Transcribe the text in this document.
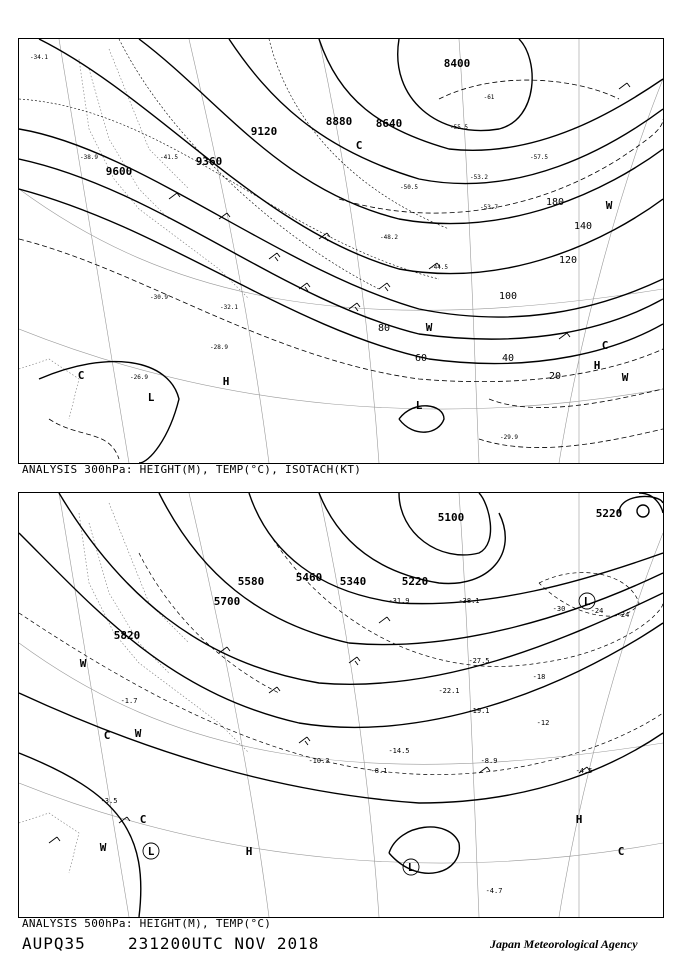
9600
9360
9120
8880 8640
8400
180
140
120
100
80
60	40
20
-61
-55.5
-53.2
-50.5
-48.2
-44.5
-41.5
-38.9
-34.1
-32.1
-30.9
-28.9
-26.9
-29.9
-57.5
-53.7
H
H
L
L
C
C
C
W
W
W
ANALYSIS 300hPa: HEIGHT(M), TEMP(°C), ISOTACH(KT)
5820
5700
5580	5460 5340	5220
5100	5220
-30	-24 -24
-18
-12
-31.9	-38.1
-27.5
-22.1
-19.1
-14.5
-10.3	-8.9
-8.1	-4.5
-4.7
-3.5
-1.7
H
H
L
L
L
C
C
C
W
W
W
ANALYSIS 500hPa: HEIGHT(M), TEMP(°C)
AUPQ35	231200UTC NOV 2018	Japan Meteorological Agency
